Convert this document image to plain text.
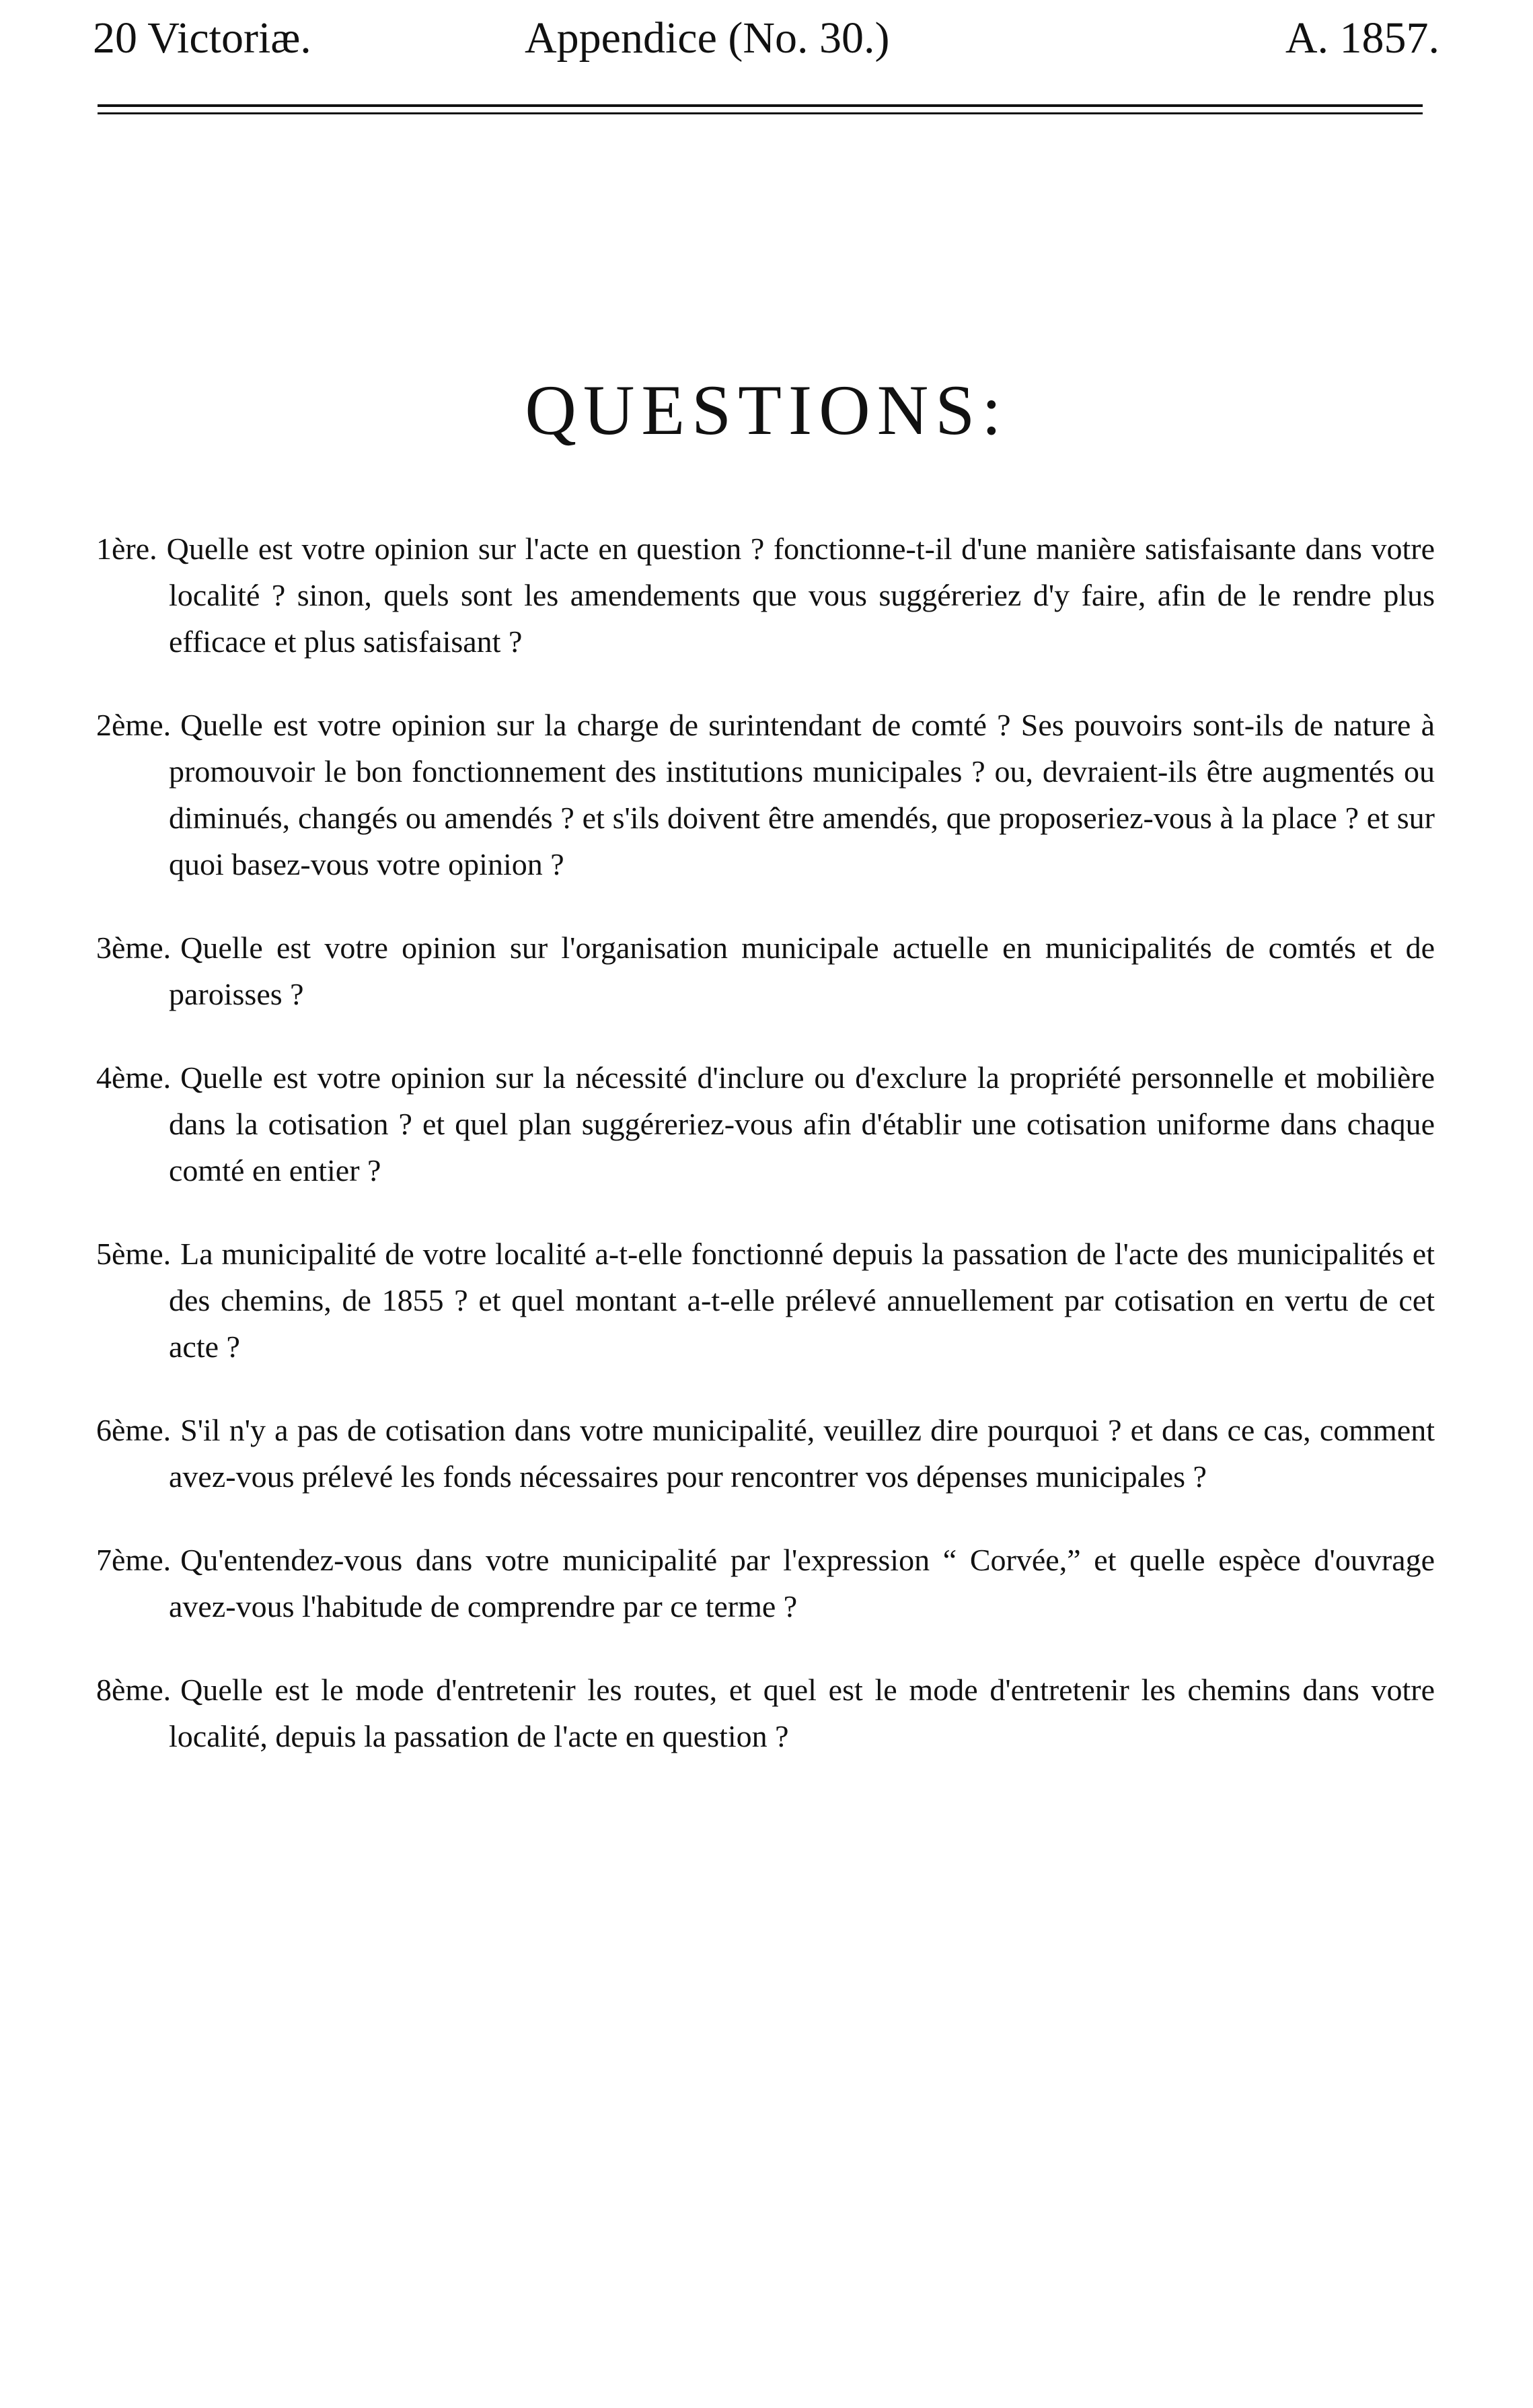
20 Victoriæ.	Appendice (No. 30.)	A. 1857.
QUESTIONS:

1ère. Quelle est votre opinion sur l'acte en question ? fonctionne-t-il d'une manière satisfaisante dans votre localité ? sinon, quels sont les amendements que vous suggéreriez d'y faire, afin de le rendre plus efficace et plus satisfaisant ?

2ème. Quelle est votre opinion sur la charge de surintendant de comté ? Ses pouvoirs sont-ils de nature à promouvoir le bon fonctionnement des institutions municipales ? ou, devraient-ils être augmentés ou diminués, changés ou amendés ? et s'ils doivent être amendés, que proposeriez-vous à la place ? et sur quoi basez-vous votre opinion ?

3ème. Quelle est votre opinion sur l'organisation municipale actuelle en municipalités de comtés et de paroisses ?

4ème. Quelle est votre opinion sur la nécessité d'inclure ou d'exclure la propriété personnelle et mobilière dans la cotisation ? et quel plan suggéreriez-vous afin d'établir une cotisation uniforme dans chaque comté en entier ?

5ème. La municipalité de votre localité a-t-elle fonctionné depuis la passation de l'acte des municipalités et des chemins, de 1855 ? et quel montant a-t-elle prélevé annuellement par cotisation en vertu de cet acte ?

6ème. S'il n'y a pas de cotisation dans votre municipalité, veuillez dire pourquoi ? et dans ce cas, comment avez-vous prélevé les fonds nécessaires pour rencontrer vos dépenses municipales ?

7ème. Qu'entendez-vous dans votre municipalité par l'expression “ Corvée,” et quelle espèce d'ouvrage avez-vous l'habitude de comprendre par ce terme ?

8ème. Quelle est le mode d'entretenir les routes, et quel est le mode d'entretenir les chemins dans votre localité, depuis la passation de l'acte en question ?
